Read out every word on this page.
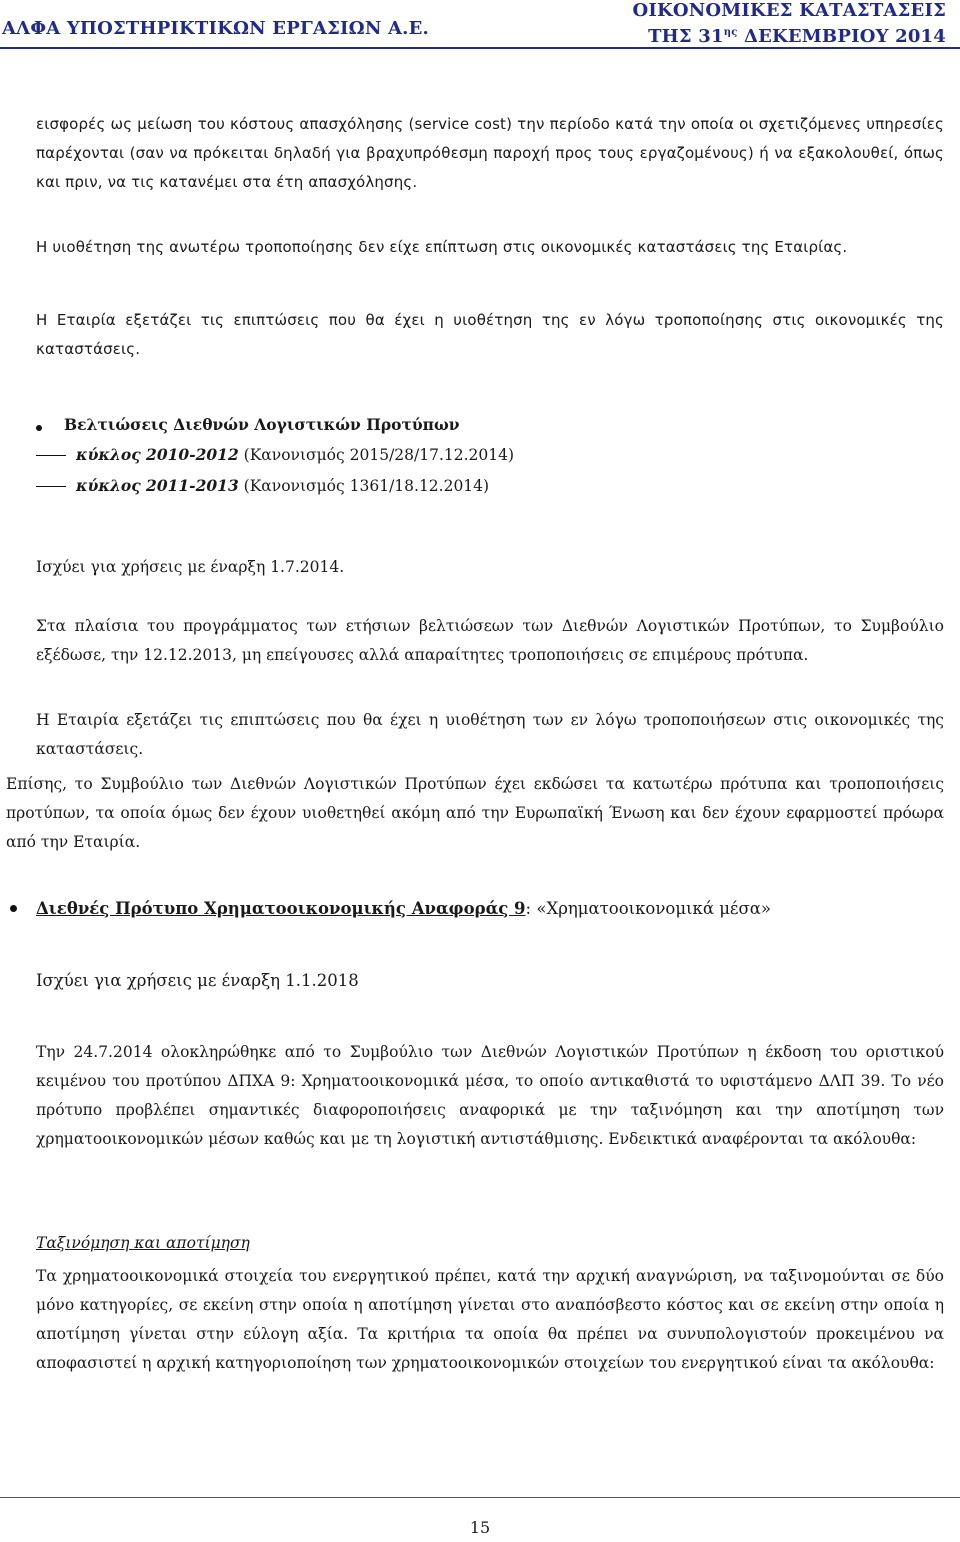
ΑΛΦΑ ΥΠΟΣΤΗΡΙΚΤΙΚΩΝ ΕΡΓΑΣΙΩΝ Α.Ε.
ΟΙΚΟΝΟΜΙΚΕΣ ΚΑΤΑΣΤΑΣΕΙΣ
ΤΗΣ $31^{\eta\varsigma}$ ΔΕΚΕΜΒΡΙΟΥ 2014
εισφορές ως μείωση του κόστους απασχόλησης (service cost) την περίοδο κατά την οποία οι σχετιζόμενες υπηρεσίες παρέχονται (σαν να πρόκειται δηλαδή για βραχυπρόθεσμη παροχή προς τους εργαζομένους) ή να εξακολουθεί, όπως και πριν, να τις κατανέμει στα έτη απασχόλησης.
Η υιοθέτηση της ανωτέρω τροποποίησης δεν είχε επίπτωση στις οικονομικές καταστάσεις της Εταιρίας.
Η Εταιρία εξετάζει τις επιπτώσεις που θα έχει η υιοθέτηση της εν λόγω τροποποίησης στις οικονομικές της καταστάσεις.
Βελτιώσεις Διεθνών Λογιστικών Προτύπων
κύκλος 2010-2012 (Κανονισμός 2015/28/17.12.2014)
κύκλος 2011-2013 (Κανονισμός 1361/18.12.2014)
Ισχύει για χρήσεις με έναρξη 1.7.2014.
Στα πλαίσια του προγράμματος των ετήσιων βελτιώσεων των Διεθνών Λογιστικών Προτύπων, το Συμβούλιο εξέδωσε, την 12.12.2013, μη επείγουσες αλλά απαραίτητες τροποποιήσεις σε επιμέρους πρότυπα.
Η Εταιρία εξετάζει τις επιπτώσεις που θα έχει η υιοθέτηση των εν λόγω τροποποιήσεων στις οικονομικές της καταστάσεις.
Επίσης, το Συμβούλιο των Διεθνών Λογιστικών Προτύπων έχει εκδώσει τα κατωτέρω πρότυπα και τροποποιήσεις προτύπων, τα οποία όμως δεν έχουν υιοθετηθεί ακόμη από την Ευρωπαϊκή Ένωση και δεν έχουν εφαρμοστεί πρόωρα από την Εταιρία.
Διεθνές Πρότυπο Χρηματοοικονομικής Αναφοράς 9: «Χρηματοοικονομικά μέσα»
Ισχύει για χρήσεις με έναρξη 1.1.2018
Την 24.7.2014 ολοκληρώθηκε από το Συμβούλιο των Διεθνών Λογιστικών Προτύπων η έκδοση του οριστικού κειμένου του προτύπου ΔΠΧΑ 9: Χρηματοοικονομικά μέσα, το οποίο αντικαθιστά το υφιστάμενο ΔΛΠ 39. Το νέο πρότυπο προβλέπει σημαντικές διαφοροποιήσεις αναφορικά με την ταξινόμηση και την αποτίμηση των χρηματοοικονομικών μέσων καθώς και με τη λογιστική αντιστάθμισης. Ενδεικτικά αναφέρονται τα ακόλουθα:
Ταξινόμηση και αποτίμηση
Τα χρηματοοικονομικά στοιχεία του ενεργητικού πρέπει, κατά την αρχική αναγνώριση, να ταξινομούνται σε δύο μόνο κατηγορίες, σε εκείνη στην οποία η αποτίμηση γίνεται στο αναπόσβεστο κόστος και σε εκείνη στην οποία η αποτίμηση γίνεται στην εύλογη αξία. Τα κριτήρια τα οποία θα πρέπει να συνυπολογιστούν προκειμένου να αποφασιστεί η αρχική κατηγοριοποίηση των χρηματοοικονομικών στοιχείων του ενεργητικού είναι τα ακόλουθα:
15
